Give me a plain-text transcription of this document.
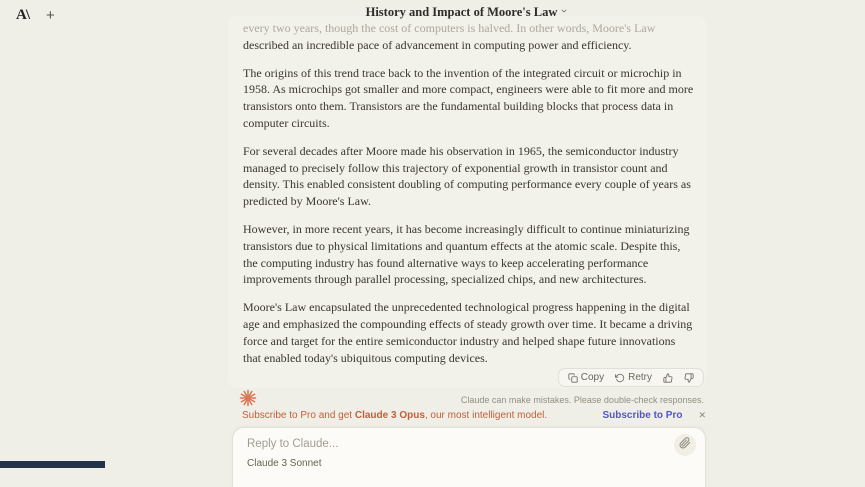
A\ +	History and Impact of Moore's Law
every two years, though the cost of computers is halved. In other words, Moore's Law
described an incredible pace of advancement in computing power and efficiency.

The origins of this trend trace back to the invention of the integrated circuit or microchip in 1958. As microchips got smaller and more compact, engineers were able to fit more and more transistors onto them. Transistors are the fundamental building blocks that process data in computer circuits.

For several decades after Moore made his observation in 1965, the semiconductor industry managed to precisely follow this trajectory of exponential growth in transistor count and density. This enabled consistent doubling of computing performance every couple of years as predicted by Moore's Law.

However, in more recent years, it has become increasingly difficult to continue miniaturizing transistors due to physical limitations and quantum effects at the atomic scale. Despite this, the computing industry has found alternative ways to keep accelerating performance improvements through parallel processing, specialized chips, and new architectures.

Moore's Law encapsulated the unprecedented technological progress happening in the digital age and emphasized the compounding effects of steady growth over time. It became a driving force and target for the entire semiconductor industry and helped shape future innovations that enabled today's ubiquitous computing devices.

Copy Retry
Claude can make mistakes. Please double-check responses.
Subscribe to Pro and get Claude 3 Opus, our most intelligent model.	Subscribe to Pro ✕
Reply to Claude...
Claude 3 Sonnet
